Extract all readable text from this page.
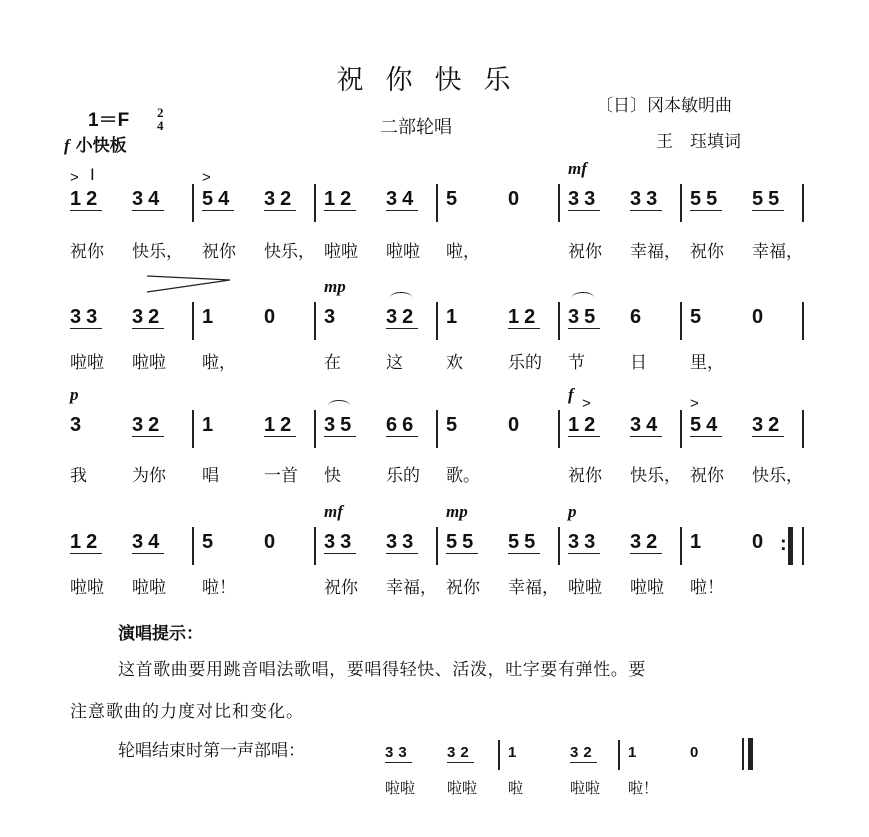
祝你快乐
二部轮唱
〔日〕冈本敏明曲
王　珏填词
1＝F 2
4
f 小快板
I
演唱提示：
这首歌曲要用跳音唱法歌唱，要唱得轻快、活泼，吐字要有弹性。要
注意歌曲的力度对比和变化。
轮唱结束时第一声部唱：
12
祝你
34
快乐，
>
54
祝你
32
快乐，
>
12
啦啦
34
啦啦
5
啦，
0 33
祝你
33
幸福，
mf
55
祝你
55
幸福，
33
啦啦
32
啦啦
1
啦，
0 3
在
32
这
mp
1
欢
12
乐的
35
节
6
日
5
里，
0
3
我
32
为你
p
1
唱
12
一首
35
快
66
乐的
5
歌。
0 12
祝你
34
快乐，
>
f
54
祝你
32
快乐，
>
12
啦啦
34
啦啦
5
啦！
0 33
祝你
33
幸福，
mf
55
祝你
55
幸福，
mp
33
啦啦
32
啦啦
p
1
啦！
0 :
33
啦啦
32
啦啦
1
啦
32
啦啦
1
啦！
0
